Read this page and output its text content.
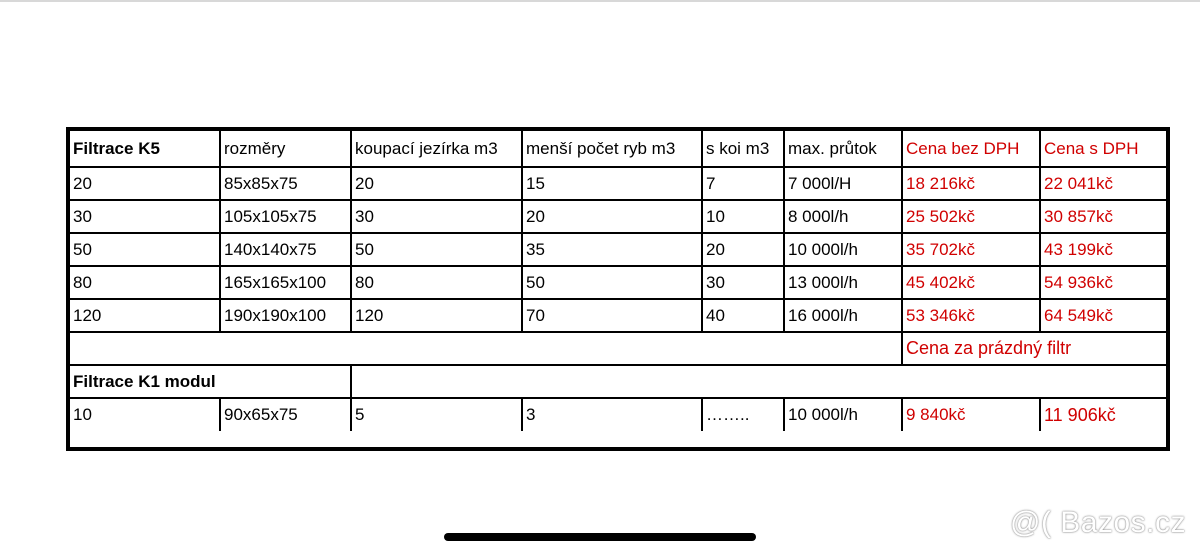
Filtrace K5	rozměry	koupací jezírka m3	menší počet ryb m3	s koi m3	max. průtok	Cena bez DPH	Cena s DPH
20	85x85x75	20	15	7	7 000l/H	18 216kč	22 041kč
30	105x105x75	30	20	10	8 000l/h	25 502kč	30 857kč
50	140x140x75	50	35	20	10 000l/h	35 702kč	43 199kč
80	165x165x100	80	50	30	13 000l/h	45 402kč	54 936kč
120	190x190x100	120	70	40	16 000l/h	53 346kč	64 549kč
						Cena za prázdný filtr	
Filtrace K1 modul							
10	90x65x75	5	3	……..	10 000l/h	9 840kč	11 906kč
@( Bazos.cz
